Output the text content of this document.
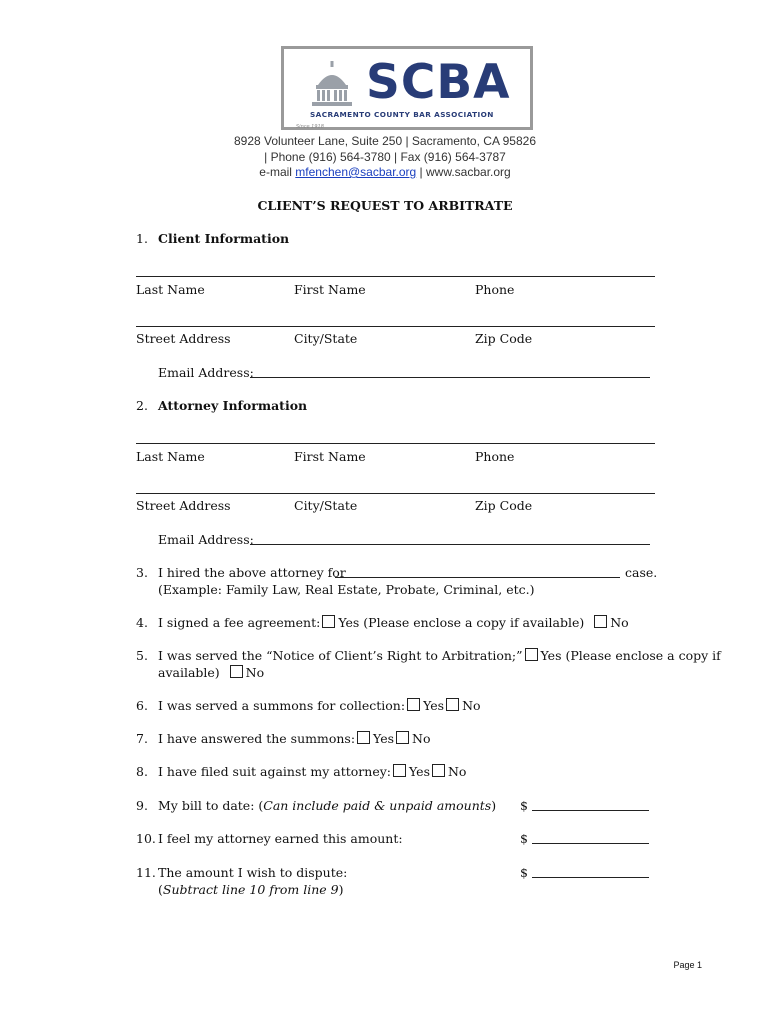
SCBA
SACRAMENTO COUNTY BAR ASSOCIATION
Since 1918
8928 Volunteer Lane, Suite 250 | Sacramento, CA 95826
| Phone (916) 564-3780 | Fax (916) 564-3787
e-mail mfenchen@sacbar.org | www.sacbar.org
CLIENT’S REQUEST TO ARBITRATE
1. Client Information
Last Name	First Name	Phone
Street Address	City/State	Zip Code
Email Address:
2. Attorney Information
Last Name	First Name	Phone
Street Address	City/State	Zip Code
Email Address:
3. I hired the above attorney for	case.
(Example: Family Law, Real Estate, Probate, Criminal, etc.)
4. I signed a fee agreement: Yes (Please enclose a copy if available) No
5. I was served the “Notice of Client’s Right to Arbitration;” Yes (Please enclose a copy if
available) No
6. I was served a summons for collection: Yes No
7. I have answered the summons: Yes No
8. I have filed suit against my attorney: Yes No
9. My bill to date: (Can include paid & unpaid amounts) $
10. I feel my attorney earned this amount:	$
11. The amount I wish to dispute:
(Subtract line 10 from line 9)
$
Page 1
